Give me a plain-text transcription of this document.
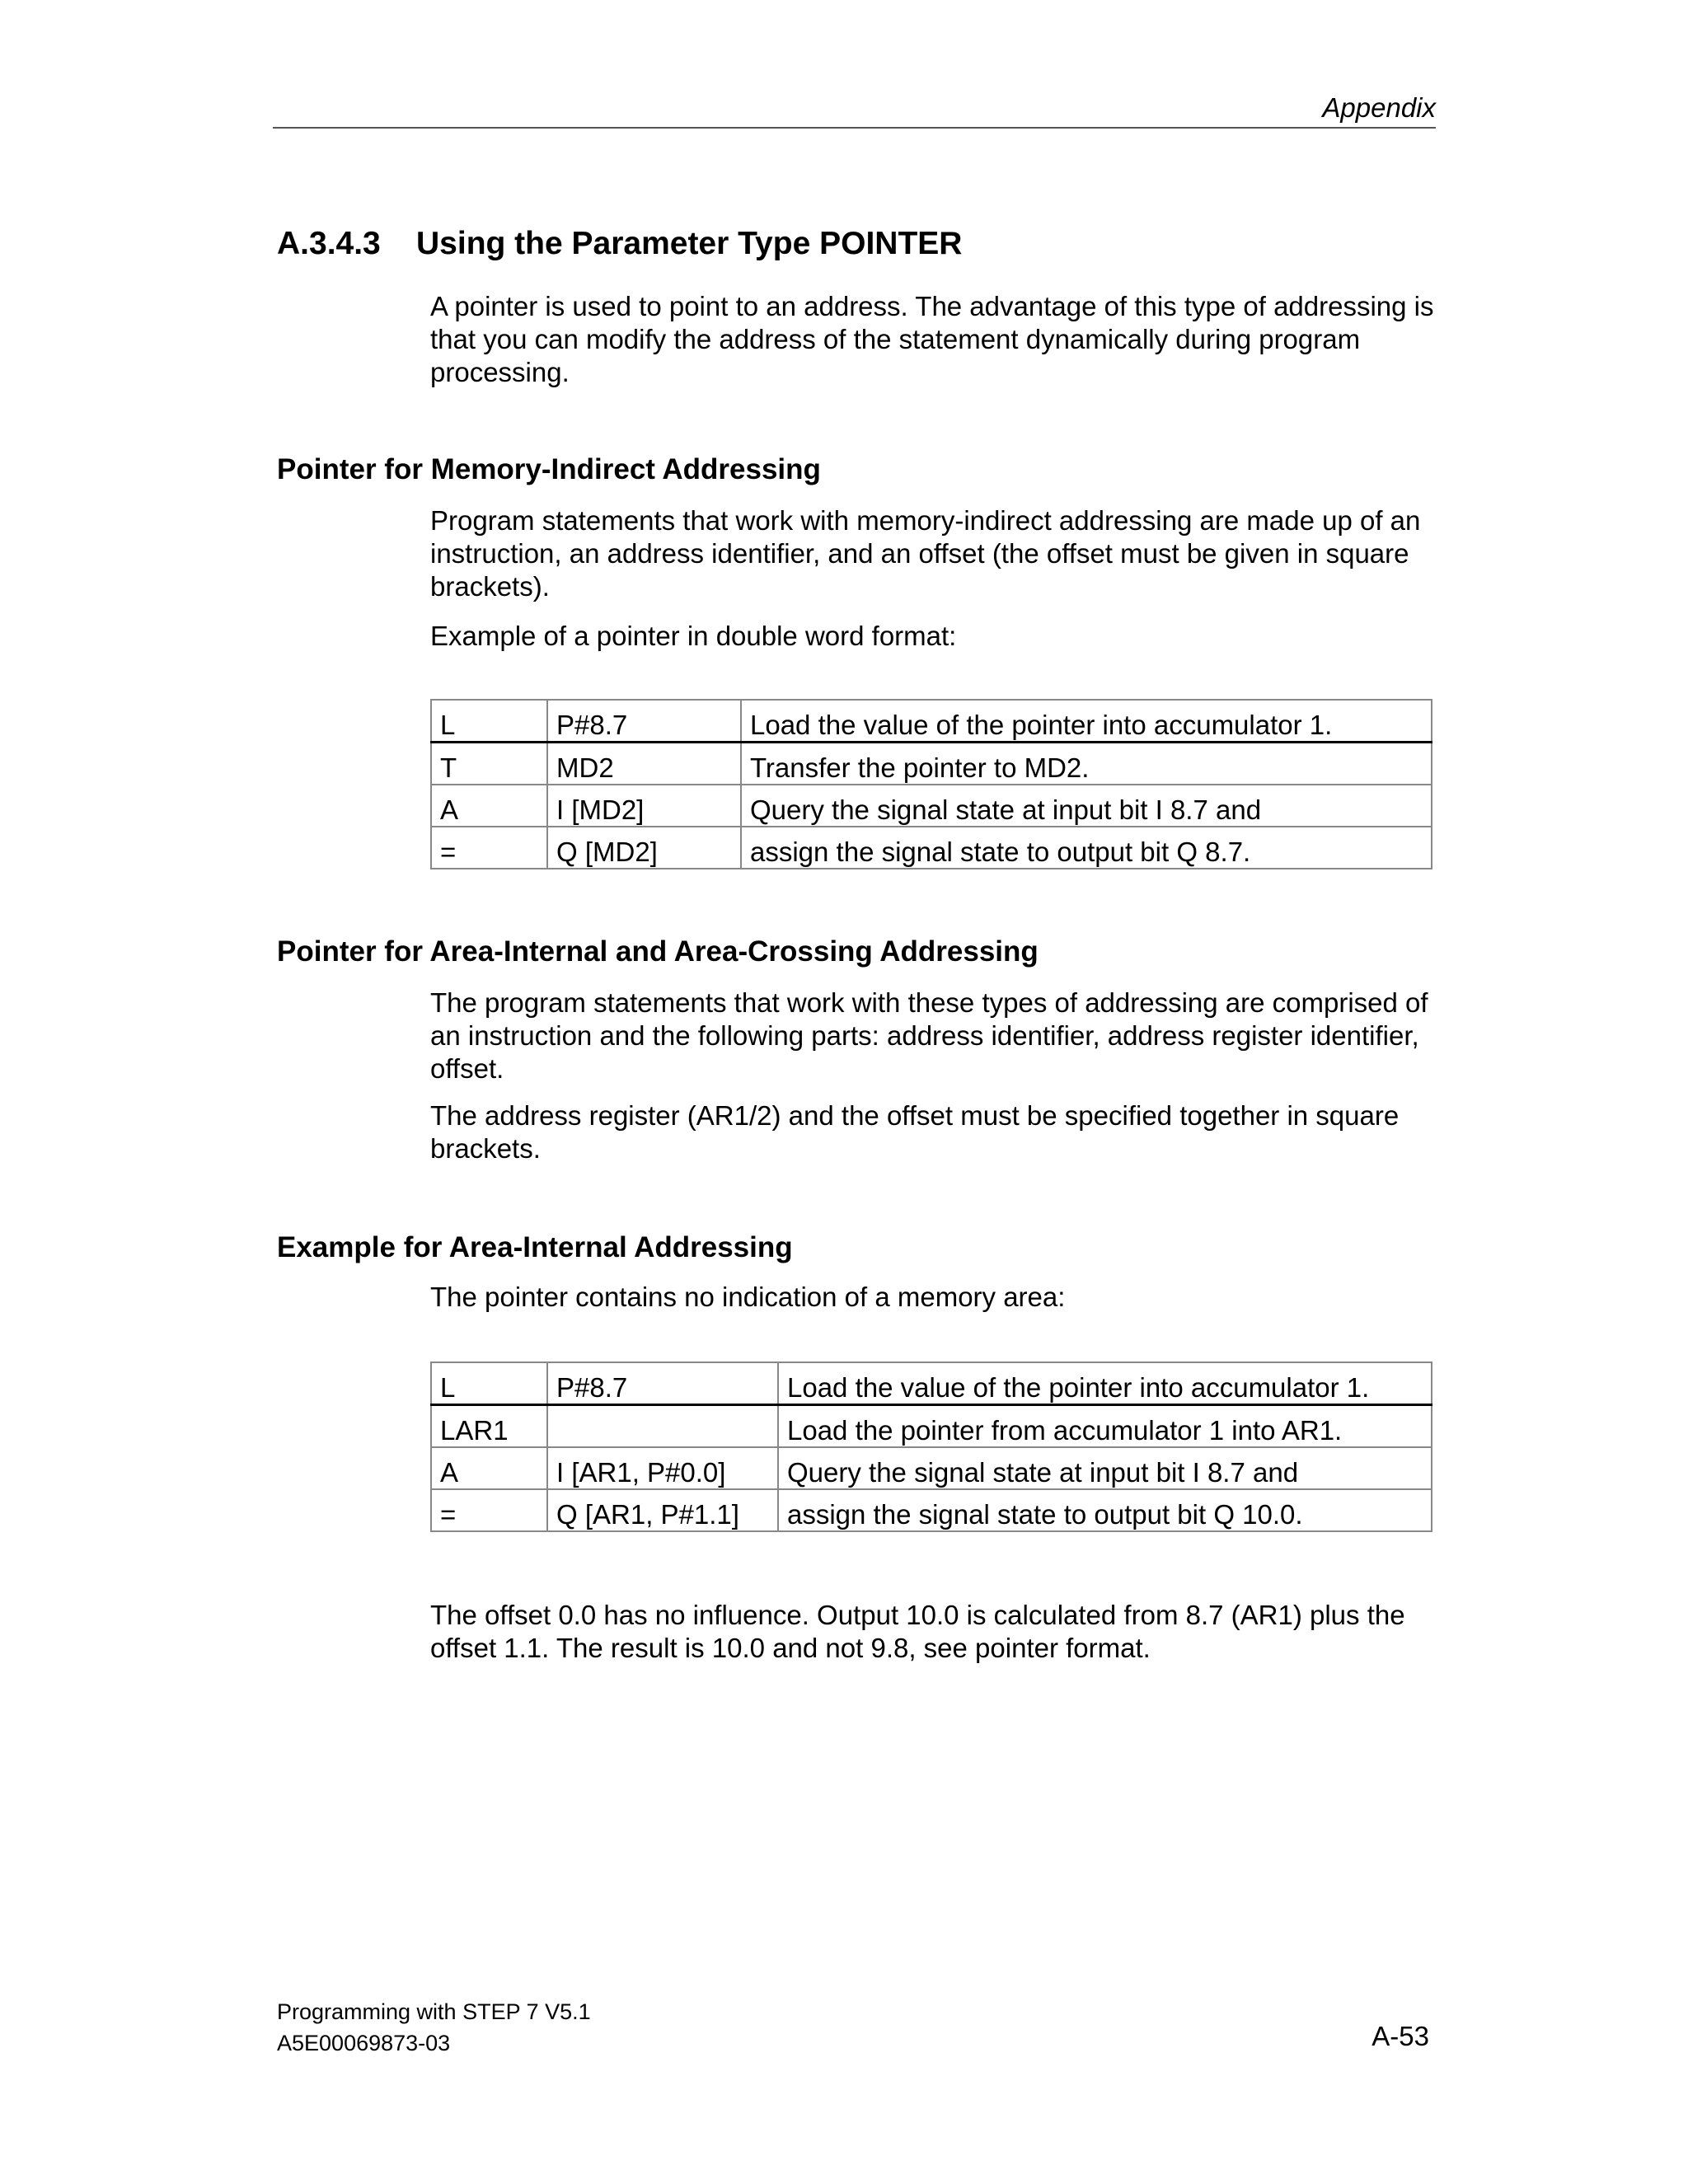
Appendix
A.3.4.3 Using the Parameter Type POINTER

A pointer is used to point to an address. The advantage of this type of addressing is that you can modify the address of the statement dynamically during program processing.

Pointer for Memory-Indirect Addressing

Program statements that work with memory-indirect addressing are made up of an instruction, an address identifier, and an offset (the offset must be given in square brackets).

Example of a pointer in double word format:

L	P#8.7	Load the value of the pointer into accumulator 1.
T	MD2	Transfer the pointer to MD2.
A	I [MD2]	Query the signal state at input bit I 8.7 and
=	Q [MD2]	assign the signal state to output bit Q 8.7.
Pointer for Area-Internal and Area-Crossing Addressing

The program statements that work with these types of addressing are comprised of an instruction and the following parts: address identifier, address register identifier, offset.

The address register (AR1/2) and the offset must be specified together in square brackets.

Example for Area-Internal Addressing

The pointer contains no indication of a memory area:

L	P#8.7	Load the value of the pointer into accumulator 1.
LAR1		Load the pointer from accumulator 1 into AR1.
A	I [AR1, P#0.0]	Query the signal state at input bit I 8.7 and
=	Q [AR1, P#1.1]	assign the signal state to output bit Q 10.0.

The offset 0.0 has no influence. Output 10.0 is calculated from 8.7 (AR1) plus the offset 1.1. The result is 10.0 and not 9.8, see pointer format.

Programming with STEP 7 V5.1
A5E00069873-03	A-53
